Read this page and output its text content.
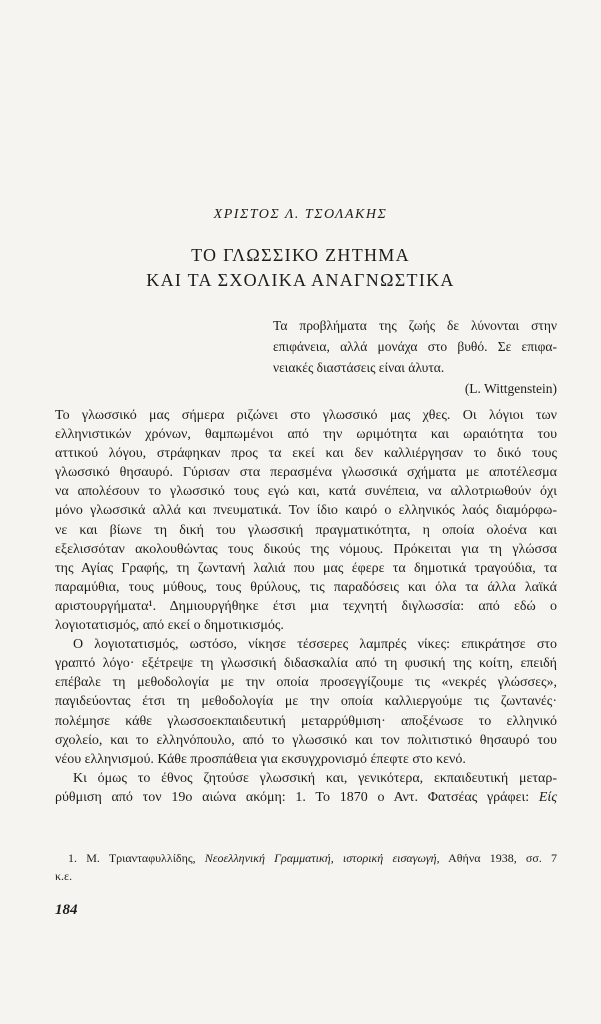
ΧΡΙΣΤΟΣ Λ. ΤΣΟΛΑΚΗΣ
ΤΟ ΓΛΩΣΣΙΚΟ ΖΗΤΗΜΑ
ΚΑΙ ΤΑ ΣΧΟΛΙΚΑ ΑΝΑΓΝΩΣΤΙΚΑ
Τα προβλήματα της ζωής δε λύνονται στην
επιφάνεια, αλλά μονάχα στο βυθό. Σε επιφα-
νειακές διαστάσεις είναι άλυτα.
(L. Wittgenstein)
Το γλωσσικό μας σήμερα ριζώνει στο γλωσσικό μας χθες. Οι λόγιοι των
ελληνιστικών χρόνων, θαμπωμένοι από την ωριμότητα και ωραιότητα του
αττικού λόγου, στράφηκαν προς τα εκεί και δεν καλλιέργησαν το δικό τους
γλωσσικό θησαυρό. Γύρισαν στα περασμένα γλωσσικά σχήματα με αποτέλεσμα
να απολέσουν το γλωσσικό τους εγώ και, κατά συνέπεια, να αλλοτριωθούν όχι
μόνο γλωσσικά αλλά και πνευματικά. Τον ίδιο καιρό ο ελληνικός λαός διαμόρφω-
νε και βίωνε τη δική του γλωσσική πραγματικότητα, η οποία ολοένα και
εξελισσόταν ακολουθώντας τους δικούς της νόμους. Πρόκειται για τη γλώσσα
της Αγίας Γραφής, τη ζωντανή λαλιά που μας έφερε τα δημοτικά τραγούδια, τα
παραμύθια, τους μύθους, τους θρύλους, τις παραδόσεις και όλα τα άλλα λαϊκά
αριστουργήματα¹. Δημιουργήθηκε έτσι μια τεχνητή διγλωσσία: από εδώ ο
λογιοτατισμός, από εκεί ο δημοτικισμός.
Ο λογιοτατισμός, ωστόσο, νίκησε τέσσερες λαμπρές νίκες: επικράτησε στο
γραπτό λόγο· εξέτρεψε τη γλωσσική διδασκαλία από τη φυσική της κοίτη, επειδή
επέβαλε τη μεθοδολογία με την οποία προσεγγίζουμε τις «νεκρές γλώσσες»,
παγιδεύοντας έτσι τη μεθοδολογία με την οποία καλλιεργούμε τις ζωντανές·
πολέμησε κάθε γλωσσοεκπαιδευτική μεταρρύθμιση· αποξένωσε το ελληνικό
σχολείο, και το ελληνόπουλο, από το γλωσσικό και τον πολιτιστικό θησαυρό του
νέου ελληνισμού. Κάθε προσπάθεια για εκσυγχρονισμό έπεφτε στο κενό.
Κι όμως το έθνος ζητούσε γλωσσική και, γενικότερα, εκπαιδευτική μεταρ-
ρύθμιση από τον 19ο αιώνα ακόμη: 1. Το 1870 ο Αντ. Φατσέας γράφει: Είς
1. Μ. Τριανταφυλλίδης, Νεοελληνική Γραμματική, ιστορική εισαγωγή, Αθήνα 1938, σσ. 7
κ.ε.
184
